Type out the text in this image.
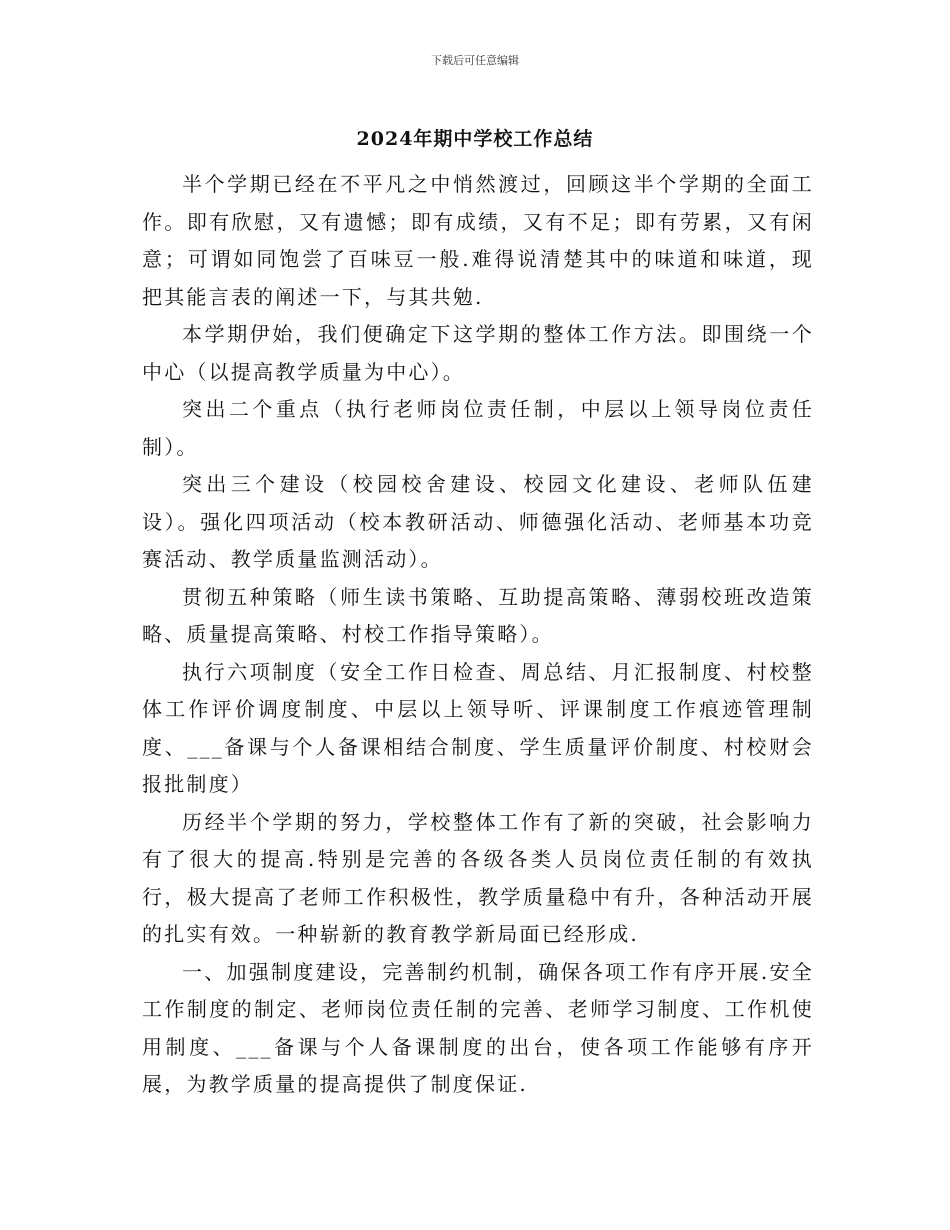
下载后可任意编辑
2024年期中学校工作总结

半个学期已经在不平凡之中悄然渡过，回顾这半个学期的全面工作。即有欣慰，又有遗憾；即有成绩，又有不足；即有劳累，又有闲意；可谓如同饱尝了百味豆一般.难得说清楚其中的味道和味道，现把其能言表的阐述一下，与其共勉.

本学期伊始，我们便确定下这学期的整体工作方法。即围绕一个中心（以提高教学质量为中心）。

突出二个重点（执行老师岗位责任制，中层以上领导岗位责任制）。

突出三个建设（校园校舍建设、校园文化建设、老师队伍建设）。强化四项活动（校本教研活动、师德强化活动、老师基本功竞赛活动、教学质量监测活动）。

贯彻五种策略（师生读书策略、互助提高策略、薄弱校班改造策略、质量提高策略、村校工作指导策略）。

执行六项制度（安全工作日检查、周总结、月汇报制度、村校整体工作评价调度制度、中层以上领导听、评课制度工作痕迹管理制度、___备课与个人备课相结合制度、学生质量评价制度、村校财会报批制度）

历经半个学期的努力，学校整体工作有了新的突破，社会影响力有了很大的提高.特别是完善的各级各类人员岗位责任制的有效执行，极大提高了老师工作积极性，教学质量稳中有升，各种活动开展的扎实有效。一种崭新的教育教学新局面已经形成.

一、加强制度建设，完善制约机制，确保各项工作有序开展.安全工作制度的制定、老师岗位责任制的完善、老师学习制度、工作机使用制度、___备课与个人备课制度的出台，使各项工作能够有序开展，为教学质量的提高提供了制度保证.
